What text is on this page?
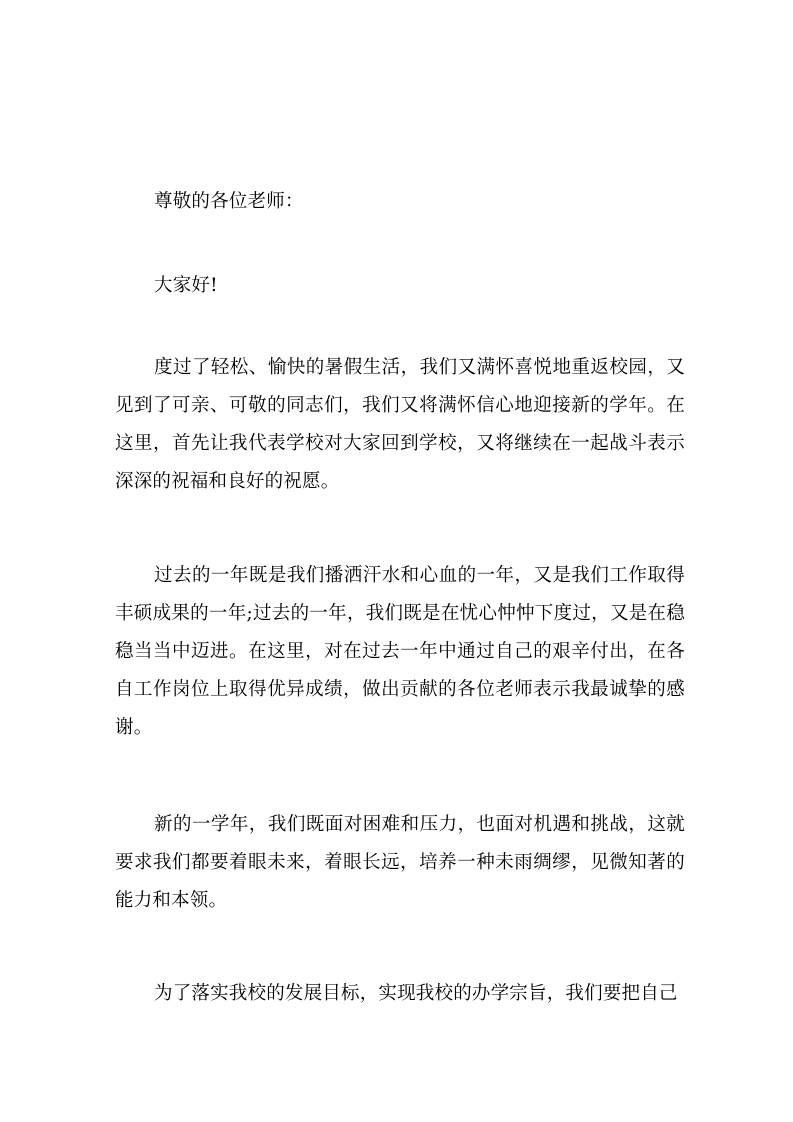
尊敬的各位老师：

大家好!

度过了轻松、愉快的暑假生活，我们又满怀喜悦地重返校园，又见到了可亲、可敬的同志们，我们又将满怀信心地迎接新的学年。在这里，首先让我代表学校对大家回到学校，又将继续在一起战斗表示深深的祝福和良好的祝愿。

过去的一年既是我们播洒汗水和心血的一年，又是我们工作取得丰硕成果的一年;过去的一年，我们既是在忧心忡忡下度过，又是在稳稳当当中迈进。在这里，对在过去一年中通过自己的艰辛付出，在各自工作岗位上取得优异成绩，做出贡献的各位老师表示我最诚挚的感谢。

新的一学年，我们既面对困难和压力，也面对机遇和挑战，这就要求我们都要着眼未来，着眼长远，培养一种未雨绸缪，见微知著的能力和本领。

为了落实我校的发展目标，实现我校的办学宗旨，我们要把自己
